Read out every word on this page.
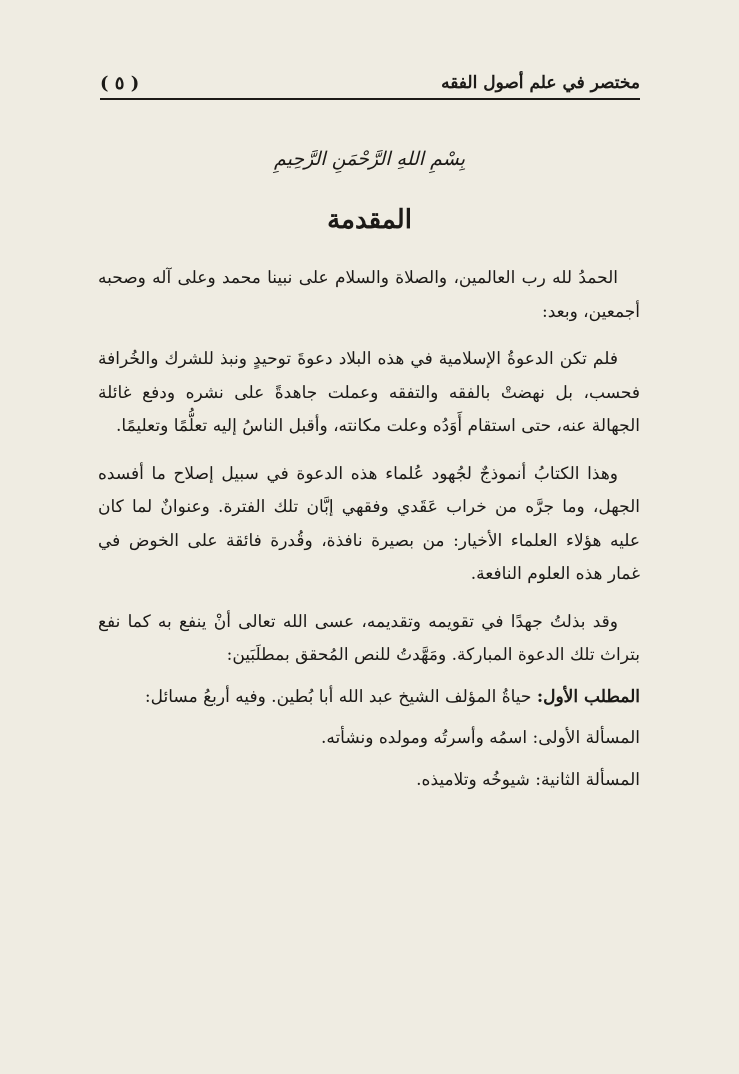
مختصر في علم أصول الفقه
( ٥ )
بِسْمِ اللهِ الرَّحْمَنِ الرَّحِيمِ
المقدمة

الحمدُ لله رب العالمين، والصلاة والسلام على نبينا محمد وعلى آله وصحبه أجمعين، وبعد:

فلم تكن الدعوةُ الإسلامية في هذه البلاد دعوةَ توحيدٍ ونبذ للشرك والخُرافة فحسب، بل نهضتْ بالفقه والتفقه وعملت جاهدةً على نشره ودفع غائلة الجهالة عنه، حتى استقام أَوَدُه وعلت مكانته، وأقبل الناسُ إليه تعلُّمًا وتعليمًا.

وهذا الكتابُ أنموذجٌ لجُهود عُلماء هذه الدعوة في سبيل إصلاح ما أفسده الجهل، وما جرَّه من خراب عَقَدي وفقهي إبَّان تلك الفترة. وعنوانٌ لما كان عليه هؤلاء العلماء الأخيار: من بصيرة نافذة، وقُدرة فائقة على الخوض في غمار هذه العلوم النافعة.

وقد بذلتُ جهدًا في تقويمه وتقديمه، عسى الله تعالى أنْ ينفع به كما نفع بتراث تلك الدعوة المباركة. ومَهَّدتُ للنص المُحقق بمطلَبَين:

المطلب الأول: حياةُ المؤلف الشيخ عبد الله أبا بُطين. وفيه أربعُ مسائل:

المسألة الأولى: اسمُه وأسرتُه ومولده ونشأته.

المسألة الثانية: شيوخُه وتلاميذه.
